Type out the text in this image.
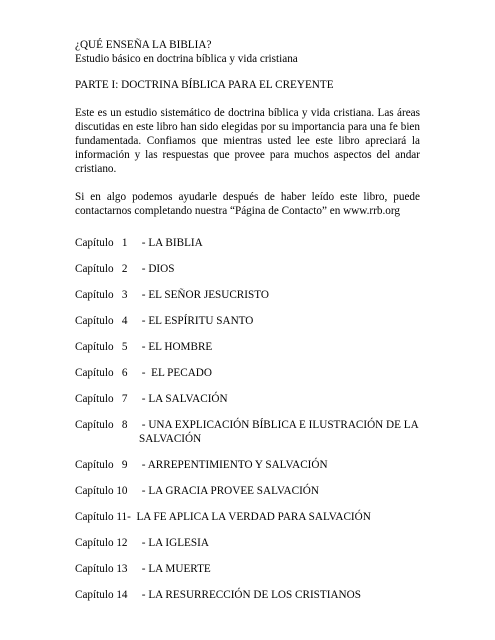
¿QUÉ ENSEÑA LA BIBLIA?

Estudio básico en doctrina bíblica y vida cristiana

PARTE I: DOCTRINA BÍBLICA PARA EL CREYENTE

Este es un estudio sistemático de doctrina bíblica y vida cristiana. Las áreas discutidas en este libro han sido elegidas por su importancia para una fe bien fundamentada. Confiamos que mientras usted lee este libro apreciará la información y las respuestas que provee para muchos aspectos del andar cristiano.

Si en algo podemos ayudarle después de haber leído este libro, puede contactarnos completando nuestra “Página de Contacto” en www.rrb.org

Capítulo   1 - LA BIBLIA
Capítulo   2 - DIOS
Capítulo   3 - EL SEÑOR JESUCRISTO
Capítulo   4 - EL ESPÍRITU SANTO
Capítulo   5 - EL HOMBRE
Capítulo   6 -  EL PECADO
Capítulo   7 - LA SALVACIÓN
Capítulo   8 - UNA EXPLICACIÓN BÍBLICA E ILUSTRACIÓN DE LA
SALVACIÓN
Capítulo   9 - ARREPENTIMIENTO Y SALVACIÓN
Capítulo 10 - LA GRACIA PROVEE SALVACIÓN
Capítulo 11-  LA FE APLICA LA VERDAD PARA SALVACIÓN
Capítulo 12 - LA IGLESIA
Capítulo 13 - LA MUERTE
Capítulo 14 - LA RESURRECCIÓN DE LOS CRISTIANOS
